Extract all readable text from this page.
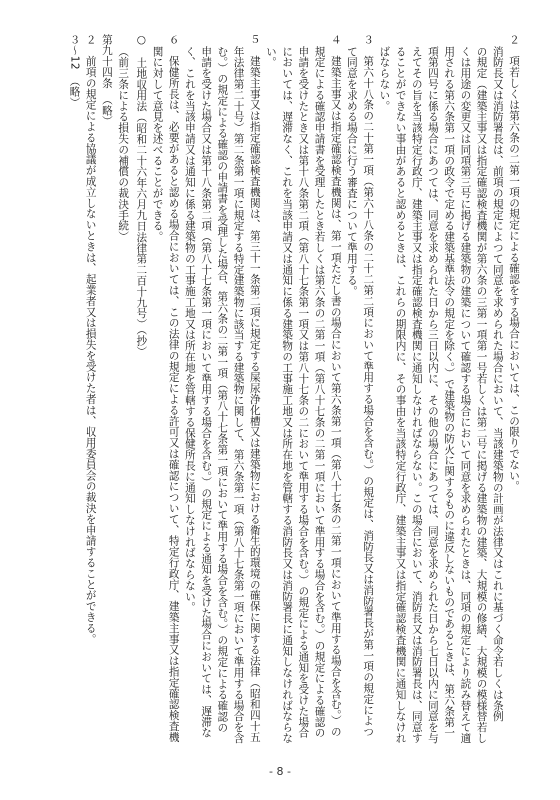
２　項若しくは第六条の二第一項の規定による確認をする場合においては、この限りでない。
消防長又は消防署長は、前項の規定によつて同意を求められた場合において、当該建築物の計画が法律又はこれに基づく命令若しくは条例
の規定（建築主事又は指定確認検査機関が第六条の三第一項第一号若しくは第二号に掲げる建築物の建築、大規模の修繕、大規模の模様替若し
くは用途の変更又は同項第三号に掲げる建築物の建築について確認する場合において同意を求められたときは、同項の規定により読み替えて適
用される第六条第一項の政令で定める建築基準法令の規定を除く。）で建築物の防火に関するものに違反しないものであるときは、第六条第一
項第四号に係る場合にあつては、同意を求められた日から三日以内に、その他の場合にあつては、同意を求められた日から七日以内に同意を与
えてその旨を当該特定行政庁、建築主事又は指定確認検査機関に通知しなければならない。この場合において、消防長又は消防署長は、同意す
ることができない事由があると認めるときは、これらの期限内に、その事由を当該特定行政庁、建築主事又は指定確認検査機関に通知しなけれ
ばならない。
３　第六十八条の二十第一項（第六十八条の二十二第二項において準用する場合を含む。）の規定は、消防長又は消防署長が第一項の規定によつ
て同意を求める場合に行う審査について準用する。
４　建築主事又は指定確認検査機関は、第一項ただし書の場合において第六条第一項（第八十七条の二第一項において準用する場合を含む。）の
規定による確認申請書を受理したとき若しくは第六条の二第一項（第八十七条の二第一項において準用する場合を含む。）の規定による確認の
申請を受けたとき又は第十八条第二項（第八十七条第一項又は第八十七条の二において準用する場合を含む。）の規定による通知を受けた場合
においては、遅滞なく、これを当該申請又は通知に係る建築物の工事施工地又は所在地を管轄する消防長又は消防署長に通知しなければならな
い。
５　建築主事又は指定確認検査機関は、第三十一条第二項に規定する屎尿浄化槽又は建築物における衛生的環境の確保に関する法律（昭和四十五
年法律第二十号）第二条第一項に規定する特定建築物に該当する建築物に関して、第六条第一項（第八十七条第一項において準用する場合を含
む。）の規定による確認の申請書を受理した場合、第六条の二第一項（第八十七条第一項において準用する場合を含む。）の規定による確認の
申請を受けた場合又は第十八条第二項（第八十七条第一項において準用する場合を含む。）の規定による通知を受けた場合においては、遅滞な
く、これを当該申請又は通知に係る建築物の工事施工地又は所在地を管轄する保健所長に通知しなければならない。
６　保健所長は、必要があると認める場合においては、この法律の規定による許可又は確認について、特定行政庁、建築主事又は指定確認検査機
関に対して意見を述べることができる。
○　土地収用法（昭和二十六年六月九日法律第二百十九号）（抄）
（前三条による損失の補償の裁決手続）
第九十四条　（略）
２　前項の規定による協議が成立しないときは、起業者又は損失を受けた者は、収用委員会の裁決を申請することができる。
３〜12　（略）
- 8 -
